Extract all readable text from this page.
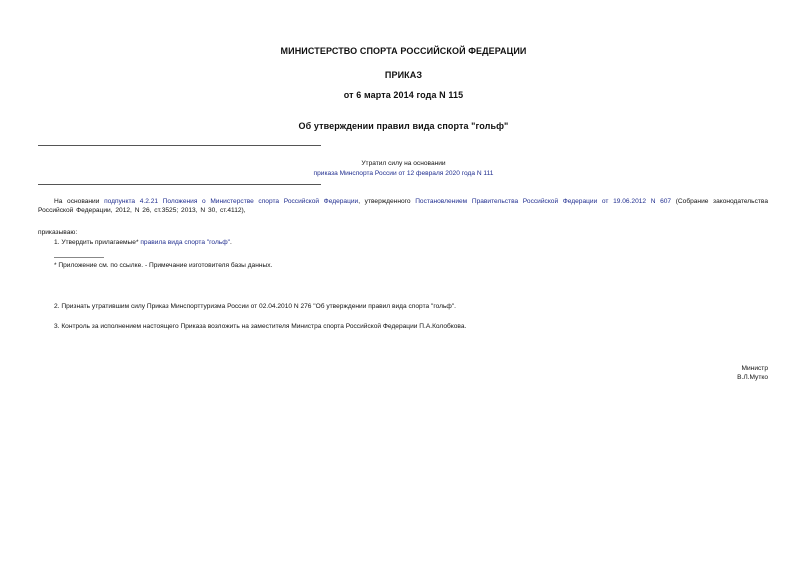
МИНИСТЕРСТВО СПОРТА РОССИЙСКОЙ ФЕДЕРАЦИИ
ПРИКАЗ
от 6 марта 2014 года N 115
Об утверждении правил вида спорта "гольф"
Утратил силу на основании
приказа Минспорта России от 12 февраля 2020 года N 111
На основании подпункта 4.2.21 Положения о Министерстве спорта Российской Федерации, утвержденного Постановлением Правительства Российской Федерации от 19.06.2012 N 607 (Собрание законодательства Российской Федерации, 2012, N 26, ст.3525; 2013, N 30, ст.4112),
приказываю:
1. Утвердить прилагаемые* правила вида спорта "гольф".
* Приложение см. по ссылке. - Примечание изготовителя базы данных.
2. Признать утратившим силу Приказ Минспорттуризма России от 02.04.2010 N 276 "Об утверждении правил вида спорта "гольф".
3. Контроль за исполнением настоящего Приказа возложить на заместителя Министра спорта Российской Федерации П.А.Колобкова.
Министр
В.Л.Мутко
